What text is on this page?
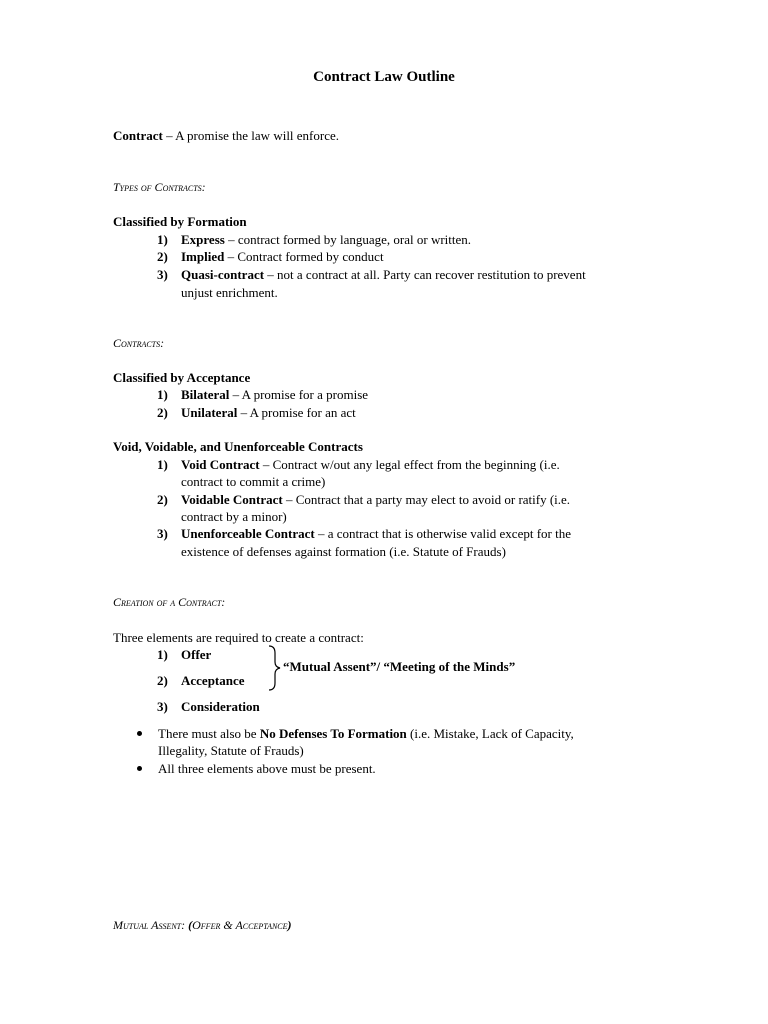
Contract Law Outline
Contract – A promise the law will enforce.
Types of Contracts:
Classified by Formation
1) Express – contract formed by language, oral or written.
2) Implied – Contract formed by conduct
3) Quasi-contract – not a contract at all. Party can recover restitution to prevent
unjust enrichment.
Contracts:
Classified by Acceptance
1) Bilateral – A promise for a promise
2) Unilateral – A promise for an act
Void, Voidable, and Unenforceable Contracts
1) Void Contract – Contract w/out any legal effect from the beginning (i.e.
contract to commit a crime)
2) Voidable Contract – Contract that a party may elect to avoid or ratify (i.e.
contract by a minor)
3) Unenforceable Contract – a contract that is otherwise valid except for the
existence of defenses against formation (i.e. Statute of Frauds)
Creation of a Contract:
Three elements are required to create a contract:
1) Offer
2) Acceptance
3) Consideration
“Mutual Assent”/ “Meeting of the Minds”
There must also be No Defenses To Formation (i.e. Mistake, Lack of Capacity,
Illegality, Statute of Frauds)
All three elements above must be present.
Mutual Assent: (Offer & Acceptance)
